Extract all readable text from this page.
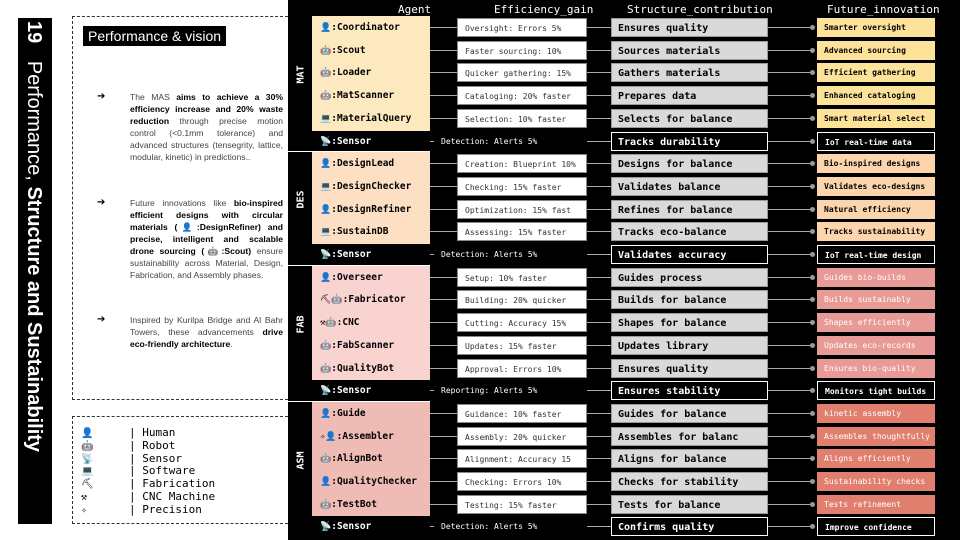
19 Performance, Structure and Sustainability
Performance & vision
➔	The MAS aims to achieve a 30% efficiency increase and 20% waste reduction through precise motion control (<0.1mm tolerance) and advanced structures (tensegrity, lattice, modular, kinetic) in predictions..
➔	Future innovations like bio-inspired efficient designs with circular materials (👤:DesignRefiner) and precise, intelligent and scalable drone sourcing (🤖:Scout) ensure sustainability across Material, Design, Fabrication, and Assembly phases.
➔	Inspired by Kurilpa Bridge and Al Bahr Towers, these advancements drive eco-friendly architecture.
👤	| Human
🤖	| Robot
📡	| Sensor
💻	| Software
⛏	| Fabrication
⚒	| CNC Machine
✧	| Precision
Agent	Efficiency_gain	Structure_contribution	Future_innovation
MAT
👤:Coordinator	Oversight: Errors 5%	Ensures quality	Smarter oversight
🤖:Scout	Faster sourcing: 10%	Sources materials	Advanced sourcing
🤖:Loader	Quicker gathering: 15%	Gathers materials	Efficient gathering
🤖:MatScanner	Cataloging: 20% faster	Prepares data	Enhanced cataloging
💻:MaterialQuery	Selection: 10% faster	Selects for balance	Smart material select
📡:Sensor	Detection: Alerts 5%	Tracks durability	IoT real-time data
DES
👤:DesignLead	Creation: Blueprint 10%	Designs for balance	Bio-inspired designs
💻:DesignChecker	Checking: 15% faster	Validates balance	Validates eco-designs
👤:DesignRefiner	Optimization: 15% fast	Refines for balance	Natural efficiency
💻:SustainDB	Assessing: 15% faster	Tracks eco-balance	Tracks sustainability
📡:Sensor	Detection: Alerts 5%	Validates accuracy	IoT real-time design
FAB
👤:Overseer	Setup: 10% faster	Guides process	Guides bio-builds
⛏🤖:Fabricator	Building: 20% quicker	Builds for balance	Builds sustainably
⚒🤖:CNC	Cutting: Accuracy 15%	Shapes for balance	Shapes efficiently
🤖:FabScanner	Updates: 15% faster	Updates library	Updates eco-records
🤖:QualityBot	Approval: Errors 10%	Ensures quality	Ensures bio-quality
📡:Sensor	Reporting: Alerts 5%	Ensures stability	Monitors tight builds
ASM
👤:Guide	Guidance: 10% faster	Guides for balance	kinetic assembly
✧👤:Assembler	Assembly: 20% quicker	Assembles for balanc	Assembles thoughtfully
🤖:AlignBot	Alignment: Accuracy 15	Aligns for balance	Aligns efficiently
👤:QualityChecker	Checking: Errors 10%	Checks for stability	Sustainability checks
🤖:TestBot	Testing: 15% faster	Tests for balance	Tests refinement
📡:Sensor	Detection: Alerts 5%	Confirms quality	Improve confidence
